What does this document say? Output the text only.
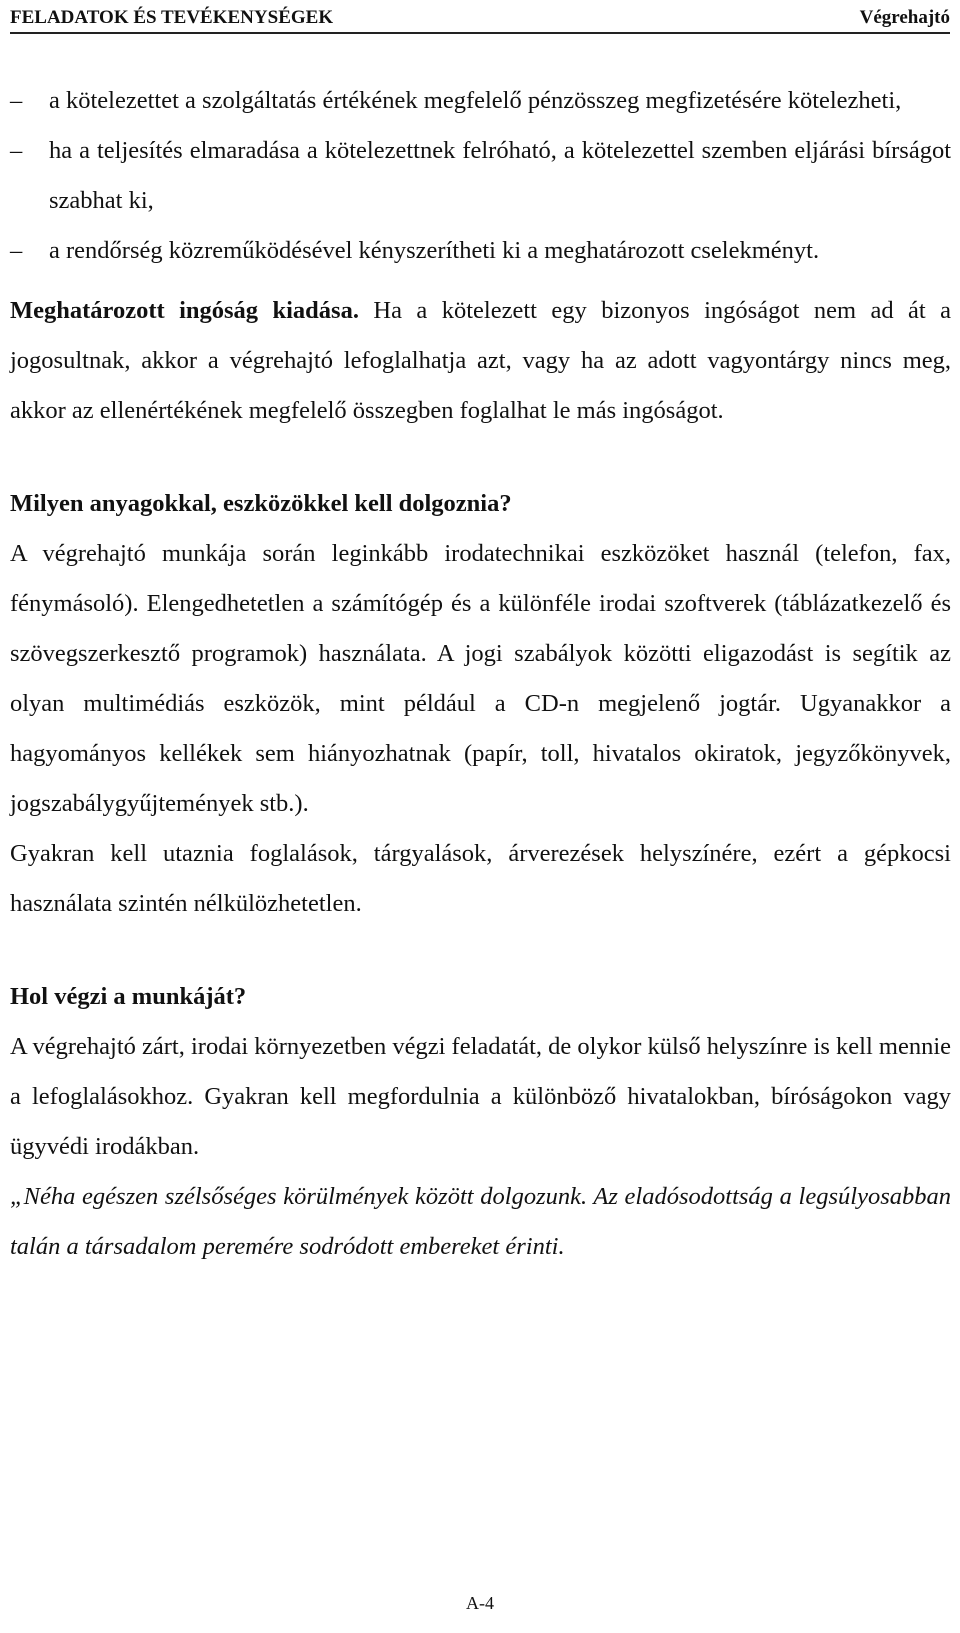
FELADATOK ÉS TEVÉKENYSÉGEK	Végrehajtó
– a kötelezettet a szolgáltatás értékének megfelelő pénzösszeg megfizetésére kötelezheti,
– ha a teljesítés elmaradása a kötelezettnek felróható, a kötelezettel szemben eljárási bírságot szabhat ki,
– a rendőrség közreműködésével kényszerítheti ki a meghatározott cselekményt.

Meghatározott ingóság kiadása. Ha a kötelezett egy bizonyos ingóságot nem ad át a jogosultnak, akkor a végrehajtó lefoglalhatja azt, vagy ha az adott vagyontárgy nincs meg, akkor az ellenértékének megfelelő összegben foglalhat le más ingóságot.

Milyen anyagokkal, eszközökkel kell dolgoznia?

A végrehajtó munkája során leginkább irodatechnikai eszközöket használ (telefon, fax, fénymásoló). Elengedhetetlen a számítógép és a különféle irodai szoftverek (táblázatkezelő és szövegszerkesztő programok) használata. A jogi szabályok közötti eligazodást is segítik az olyan multimédiás eszközök, mint például a CD-n megjelenő jogtár. Ugyanakkor a hagyományos kellékek sem hiányozhatnak (papír, toll, hivatalos okiratok, jegyzőkönyvek, jogszabálygyűjtemények stb.).

Gyakran kell utaznia foglalások, tárgyalások, árverezések helyszínére, ezért a gépkocsi használata szintén nélkülözhetetlen.

Hol végzi a munkáját?

A végrehajtó zárt, irodai környezetben végzi feladatát, de olykor külső helyszínre is kell mennie a lefoglalásokhoz. Gyakran kell megfordulnia a különböző hivatalokban, bíróságokon vagy ügyvédi irodákban.

„Néha egészen szélsőséges körülmények között dolgozunk. Az eladósodottság a legsúlyosabban talán a társadalom peremére sodródott embereket érinti.

A-4
